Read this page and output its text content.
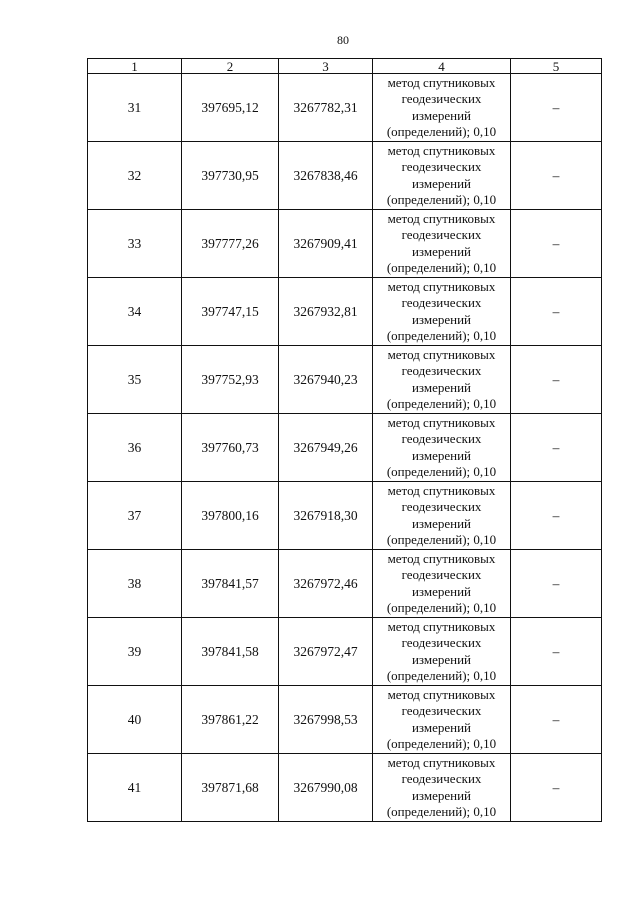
80
1	2	3	4	5
31	397695,12	3267782,31	метод спутниковых
геодезических
измерений
(определений); 0,10	–
32	397730,95	3267838,46	метод спутниковых
геодезических
измерений
(определений); 0,10	–
33	397777,26	3267909,41	метод спутниковых
геодезических
измерений
(определений); 0,10	–
34	397747,15	3267932,81	метод спутниковых
геодезических
измерений
(определений); 0,10	–
35	397752,93	3267940,23	метод спутниковых
геодезических
измерений
(определений); 0,10	–
36	397760,73	3267949,26	метод спутниковых
геодезических
измерений
(определений); 0,10	–
37	397800,16	3267918,30	метод спутниковых
геодезических
измерений
(определений); 0,10	–
38	397841,57	3267972,46	метод спутниковых
геодезических
измерений
(определений); 0,10	–
39	397841,58	3267972,47	метод спутниковых
геодезических
измерений
(определений); 0,10	–
40	397861,22	3267998,53	метод спутниковых
геодезических
измерений
(определений); 0,10	–
41	397871,68	3267990,08	метод спутниковых
геодезических
измерений
(определений); 0,10	–
